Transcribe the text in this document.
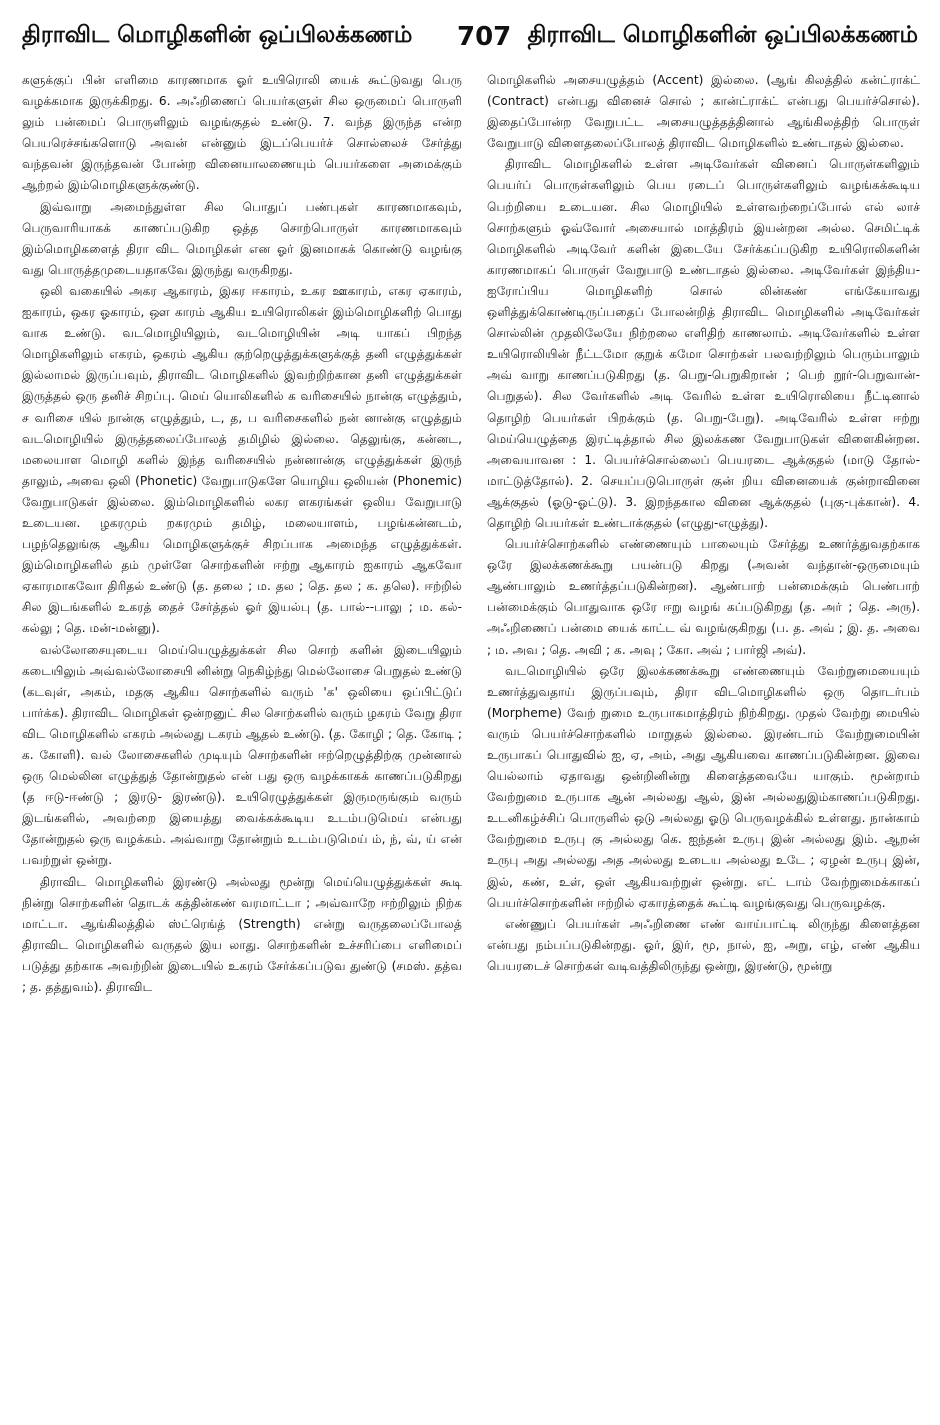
திராவிட மொழிகளின் ஒப்பிலக்கணம் 707 திராவிட மொழிகளின் ஒப்பிலக்கணம்

களுக்குப் பின் எளிமை காரணமாக ஓர் உயிரொலி யைக் கூட்டுவது பெரு வழக்கமாக இருக்கிறது. 6. அஃறிணைப் பெயர்களுள் சில ஒருமைப் பொருளி லும் பன்மைப் பொருளிலும் வழங்குதல் உண்டு. 7. வந்த இருந்த என்ற பெயரெச்சங்களொடு அவன் என்னும் இடப்பெயர்ச் சொல்லைச் சேர்த்து வந்தவன் இருந்தவன் போன்ற வினையாலணையும் பெயர்களை அமைக்கும் ஆற்றல் இம்மொழிகளுக்குண்டு.

இவ்வாறு அமைந்துள்ள சில பொதுப் பண்புகள் காரணமாகவும், பெருவாரியாகக் காணப்படுகிற ஒத்த சொற்பொருள் காரணமாகவும் இம்மொழிகளைத் திரா விட மொழிகள் என ஓர் இனமாகக் கொண்டு வழங்கு வது பொருத்தமுடையதாகவே இருந்து வருகிறது.

ஒலி வகையில் அகர ஆகாரம், இகர ஈகாரம், உகர ஊகாரம், எகர ஏகாரம், ஐகாரம், ஒகர ஓகாரம், ஔ காரம் ஆகிய உயிரொலிகள் இம்மொழிகளிற் பொது வாக உண்டு. வடமொழியிலும், வடமொழியின் அடி யாகப் பிறந்த மொழிகளிலும் எகரம், ஒகரம் ஆகிய குற்றெழுத்துக்களுக்குத் தனி எழுத்துக்கள் இல்லாமல் இருப்பவும், திராவிட மொழிகளில் இவற்றிற்கான தனி எழுத்துக்கள் இருத்தல் ஒரு தனிச் சிறப்பு. மெய் யொலிகளில் க வரிசையில் நான்கு எழுத்தும், ச வரிசை யில் நான்கு எழுத்தும், ட, த, ப வரிசைகளில் நன் னான்கு எழுத்தும் வடமொழியில் இருத்தலைப்போலத் தமிழில் இல்லை. தெலுங்கு, கன்னட, மலையாள மொழி களில் இந்த வரிசையில் நன்னான்கு எழுத்துக்கள் இருந் தாலும், அவை ஒலி (Phonetic) வேறுபாடுகளே யொழிய ஒலியன் (Phonemic) வேறுபாடுகள் இல்லை. இம்மொழிகளில் லகர ளகரங்கள் ஒலிய வேறுபாடு உடையன. ழகரமும் றகரமும் தமிழ், மலையாளம், பழங்கன்னடம், பழந்தெலுங்கு ஆகிய மொழிகளுக்குச் சிறப்பாக அமைந்த எழுத்துக்கள். இம்மொழிகளில் தம் முள்ளே சொற்களின் ஈற்று ஆகாரம் ஐகாரம் ஆகவோ ஏகாரமாகவோ திரிதல் உண்டு (த. தலை ; ம. தல ; தெ. தல ; க. தலெ). ஈற்றில் சில இடங்களில் உகரத் தைச் சேர்த்தல் ஓர் இயல்பு (த. பால்--பாலு ; ம. கல்-கல்லு ; தெ. மன்-மன்னு).

வல்லோசையுடைய மெய்யெழுத்துக்கள் சில சொற் களின் இடையிலும் கடையிலும் அவ்வல்லோசையி னின்று நெகிழ்ந்து மெல்லோசை பெறுதல் உண்டு (கடவுள், அகம், மதகு ஆகிய சொற்களில் வரும் 'க' ஒலியை ஒப்பிட்டுப் பார்க்க). திராவிட மொழிகள் ஒன்றனுட் சில சொற்களில் வரும் ழகரம் வேறு திரா விட மொழிகளில் எகரம் அல்லது டகரம் ஆதல் உண்டு. (த. கோழி ; தெ. கோடி ; க. கோளி). வல் லோசைகளில் முடியும் சொற்களின் ஈற்றெழுத்திற்கு முன்னால் ஒரு மெல்லின எழுத்துத் தோன்றுதல் என் பது ஒரு வழக்காகக் காணப்படுகிறது (த ஈடு-ஈண்டு ; இரடு- இரண்டு). உயிரெழுத்துக்கள் இருமருங்கும் வரும் இடங்களில், அவற்றை இயைத்து வைக்கக்கூடிய உடம்படுமெய் என்பது தோன்றுதல் ஒரு வழக்கம். அவ்வாறு தோன்றும் உடம்படுமெய் ம், ந், வ், ய் என் பவற்றுள் ஒன்று.

திராவிட மொழிகளில் இரண்டு அல்லது மூன்று மெய்யெழுத்துக்கள் கூடி நின்று சொற்களின் தொடக் கத்தின்கண் வரமாட்டா ; அவ்வாறே ஈற்றிலும் நிற்க மாட்டா. ஆங்கிலத்தில் ஸ்ட்ரெங்த் (Strength) என்று வருதலைப்போலத் திராவிட மொழிகளில் வருதல் இய லாது. சொற்களின் உச்சரிப்பை எளிமைப் படுத்து தற்காக அவற்றின் இடையில் உகரம் சேர்க்கப்படுவ துண்டு (சமஸ். தத்வ ; த. தத்துவம்). திராவிட

மொழிகளில் அசையழுத்தம் (Accent) இல்லை. (ஆங் கிலத்தில் கன்ட்ராக்ட் (Contract) என்பது வினைச் சொல் ; கான்ட்ராக்ட் என்பது பெயர்ச்சொல்). இதைப்போன்ற வேறுபட்ட அசையழுத்தத்தினால் ஆங்கிலத்திற் பொருள் வேறுபாடு விளைதலைப்போலத் திராவிட மொழிகளில் உண்டாதல் இல்லை.

திராவிட மொழிகளில் உள்ள அடிவேர்கள் வினைப் பொருள்களிலும் பெயர்ப் பொருள்களிலும் பெய ரடைப் பொருள்களிலும் வழங்கக்கூடிய பெற்றியை உடையன. சில மொழியில் உள்ளவற்றைப்போல் எல் லாச் சொற்களும் ஓவ்வோர் அசையால் மாத்திரம் இயன்றன அல்ல. செமிட்டிக் மொழிகளில் அடிவேர் களின் இடையே சேர்க்கப்படுகிற உயிரொலிகளின் காரணமாகப் பொருள் வேறுபாடு உண்டாதல் இல்லை. அடிவேர்கள் இந்திய-ஐரோப்பிய மொழிகளிற் சொல் லின்கண் எங்கேயாவது ஒளித்துக்கொண்டிருப்பதைப் போலன்றித் திராவிட மொழிகளில் அடிவேர்கள் சொல்லின் முதலிலேயே நிற்றலை எளிதிற் காணலாம். அடிவேர்களில் உள்ள உயிரொலியின் நீட்டமோ குறுக் கமோ சொற்கள் பலவற்றிலும் பெரும்பாலும் அவ் வாறு காணப்படுகிறது (த. பெறு-பெறுகிறான் ; பெற் றூர்-பெறுவான்-பெறுதல்). சில வேர்களில் அடி வேரில் உள்ள உயிரொலியை நீட்டினால் தொழிற் பெயர்கள் பிறக்கும் (த. பெறு-பேறு). அடிவேரில் உள்ள ஈற்று மெய்யெழுத்தை இரட்டித்தால் சில இலக்கண வேறுபாடுகள் விளைகின்றன. அவையாவன : 1. பெயர்ச்சொல்லைப் பெயரடை ஆக்குதல் (மாடு தோல்-மாட்டுத்தோல்). 2. செயப்படுபொருள் குன் றிய வினையைக் குன்றாவினை ஆக்குதல் (ஓடு-ஓட்டு). 3. இறந்தகால வினை ஆக்குதல் (புகு-புக்கான்). 4. தொழிற் பெயர்கள் உண்டாக்குதல் (எழுது-எழுத்து).

பெயர்ச்சொற்களில் எண்ணையும் பாலையும் சேர்த்து உணர்த்துவதற்காக ஒரே இலக்கணக்கூறு பயன்படு கிறது (அவன் வந்தான்-ஒருமையும் ஆண்பாலும் உணர்த்தப்படுகின்றன). ஆண்பாற் பன்மைக்கும் பெண்பாற் பன்மைக்கும் பொதுவாக ஒரே ஈறு வழங் கப்படுகிறது (த. அர் ; தெ. அரு). அஃறிணைப் பன்மை யைக் காட்ட வ் வழங்குகிறது (ப. த. அவ் ; இ. த. அவை ; ம. அவ ; தெ. அவி ; க. அவு ; கோ. அவ் ; பார்ஜி அவ்).

வடமொழியில் ஒரே இலக்கணக்கூறு எண்ணையும் வேற்றுமையையும் உணர்த்துவதாய் இருப்பவும், திரா விடமொழிகளில் ஒரு தொடர்பம் (Morpheme) வேற் றுமை உருபாகமாத்திரம் நிற்கிறது. முதல் வேற்று மையில் வரும் பெயர்ச்சொற்களில் மாறுதல் இல்லை. இரண்டாம் வேற்றுமையின் உருபாகப் பொதுவில் ஐ, ஏ, அம், அது ஆகியவை காணப்படுகின்றன. இவை யெல்லாம் ஏதாவது ஒன்றினின்று கிளைத்தவையே யாகும். மூன்றாம் வேற்றுமை உருபாக ஆன் அல்லது ஆல், இன் அல்லதுஇம்காணப்படுகிறது. உடனிகழ்ச்சிப் பொருளில் ஒடு அல்லது ஓடு பெருவழக்கில் உள்ளது. நான்காம் வேற்றுமை உருபு கு அல்லது கெ. ஐந்தன் உருபு இன் அல்லது இம். ஆறன் உருபு அது அல்லது அத அல்லது உடைய அல்லது உடே ; ஏழன் உருபு இன், இல், கண், உள், ஒள் ஆகியவற்றுள் ஒன்று. எட் டாம் வேற்றுமைக்காகப் பெயர்ச்சொற்களின் ஈற்றில் ஏகாரத்தைக் கூட்டி வழங்குவது பெருவழக்கு.

எண்ணுப் பெயர்கள் அஃறிணை எண் வாய்பாட்டி லிருந்து கிளைத்தன என்பது நம்பப்படுகின்றது. ஓர், இர், மூ, நால், ஐ, அறு, எழ், எண் ஆகிய பெயரடைச் சொற்கள் வடிவத்திலிருந்து ஒன்று, இரண்டு, மூன்று
